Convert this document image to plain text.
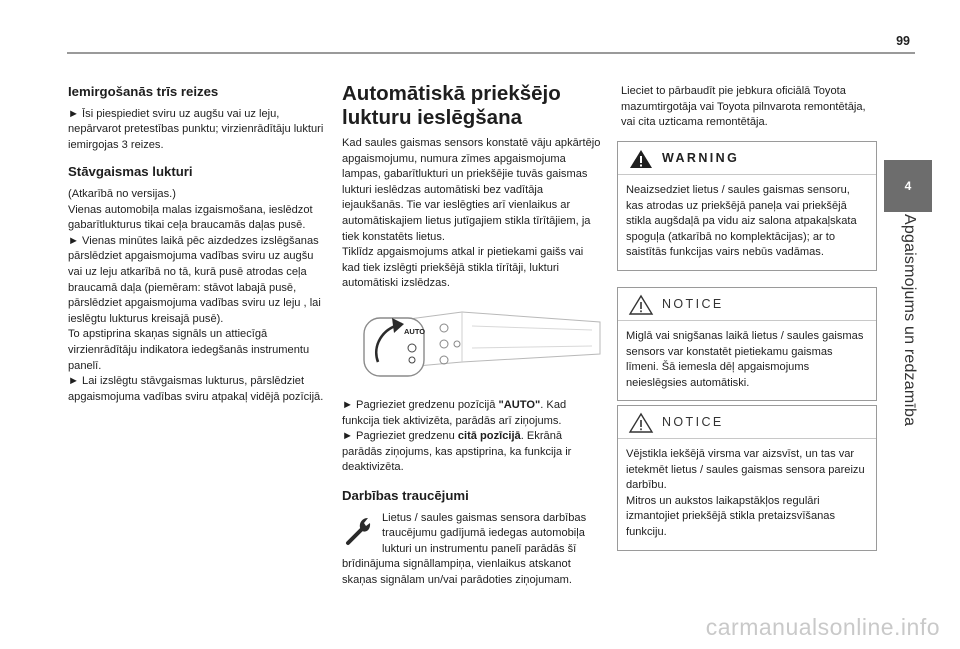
99
4
Apgaismojums un redzamība
Iemirgošanās trīs reizes

► Īsi piespiediet sviru uz augšu vai uz leju, nepārvarot pretestības punktu; virzienrādītāju lukturi iemirgojas 3 reizes.

Stāvgaismas lukturi

(Atkarībā no versijas.)

Vienas automobiļa malas izgaismošana, ieslēdzot gabarītlukturus tikai ceļa braucamās daļas pusē.

► Vienas minūtes laikā pēc aizdedzes izslēgšanas pārslēdziet apgaismojuma vadības sviru uz augšu vai uz leju atkarībā no tā, kurā pusē atrodas ceļa braucamā daļa (piemēram: stāvot labajā pusē, pārslēdziet apgaismojuma vadības sviru uz leju , lai ieslēgtu lukturus kreisajā pusē).

To apstiprina skaņas signāls un attiecīgā virzienrādītāju indikatora iedegšanās instrumentu panelī.

► Lai izslēgtu stāvgaismas lukturus, pārslēdziet apgaismojuma vadības sviru atpakaļ vidējā pozīcijā.

Automātiskā priekšējo lukturu ieslēgšana

Kad saules gaismas sensors konstatē vāju apkārtējo apgaismojumu, numura zīmes apgaismojuma lampas, gabarītlukturi un priekšējie tuvās gaismas lukturi ieslēdzas automātiski bez vadītāja iejaukšanās. Tie var ieslēgties arī vienlaikus ar automātiskajiem lietus jutīgajiem stikla tīrītājiem, ja tiek konstatēts lietus.

Tiklīdz apgaismojums atkal ir pietiekami gaišs vai kad tiek izslēgti priekšējā stikla tīrītāji, lukturi automātiski izslēdzas.

AUTO

► Pagrieziet gredzenu pozīcijā "AUTO". Kad funkcija tiek aktivizēta, parādās arī ziņojums.

► Pagrieziet gredzenu citā pozīcijā. Ekrānā parādās ziņojums, kas apstiprina, ka funkcija ir deaktivizēta.

Darbības traucējumi

Lietus / saules gaismas sensora darbības traucējumu gadījumā iedegas automobiļa lukturi un instrumentu panelī parādās šī brīdinājuma signāllampiņa, vienlaikus atskanot skaņas signālam un/vai parādoties ziņojumam.

Lieciet to pārbaudīt pie jebkura oficiālā Toyota mazumtirgotāja vai Toyota pilnvarota remontētāja, vai cita uzticama remontētāja.

WARNING
Neaizsedziet lietus / saules gaismas sensoru, kas atrodas uz priekšējā paneļa vai priekšējā stikla augšdaļā pa vidu aiz salona atpakaļskata spoguļa (atkarībā no komplektācijas); ar to saistītās funkcijas vairs nebūs vadāmas.
NOTICE
Miglā vai snigšanas laikā lietus / saules gaismas sensors var konstatēt pietiekamu gaismas līmeni. Šā iemesla dēļ apgaismojums neieslēgsies automātiski.
NOTICE
Vējstikla iekšējā virsma var aizsvīst, un tas var ietekmēt lietus / saules gaismas sensora pareizu darbību.
Mitros un aukstos laikapstākļos regulāri izmantojiet priekšējā stikla pretaizsvīšanas funkciju.
carmanualsonline.info
